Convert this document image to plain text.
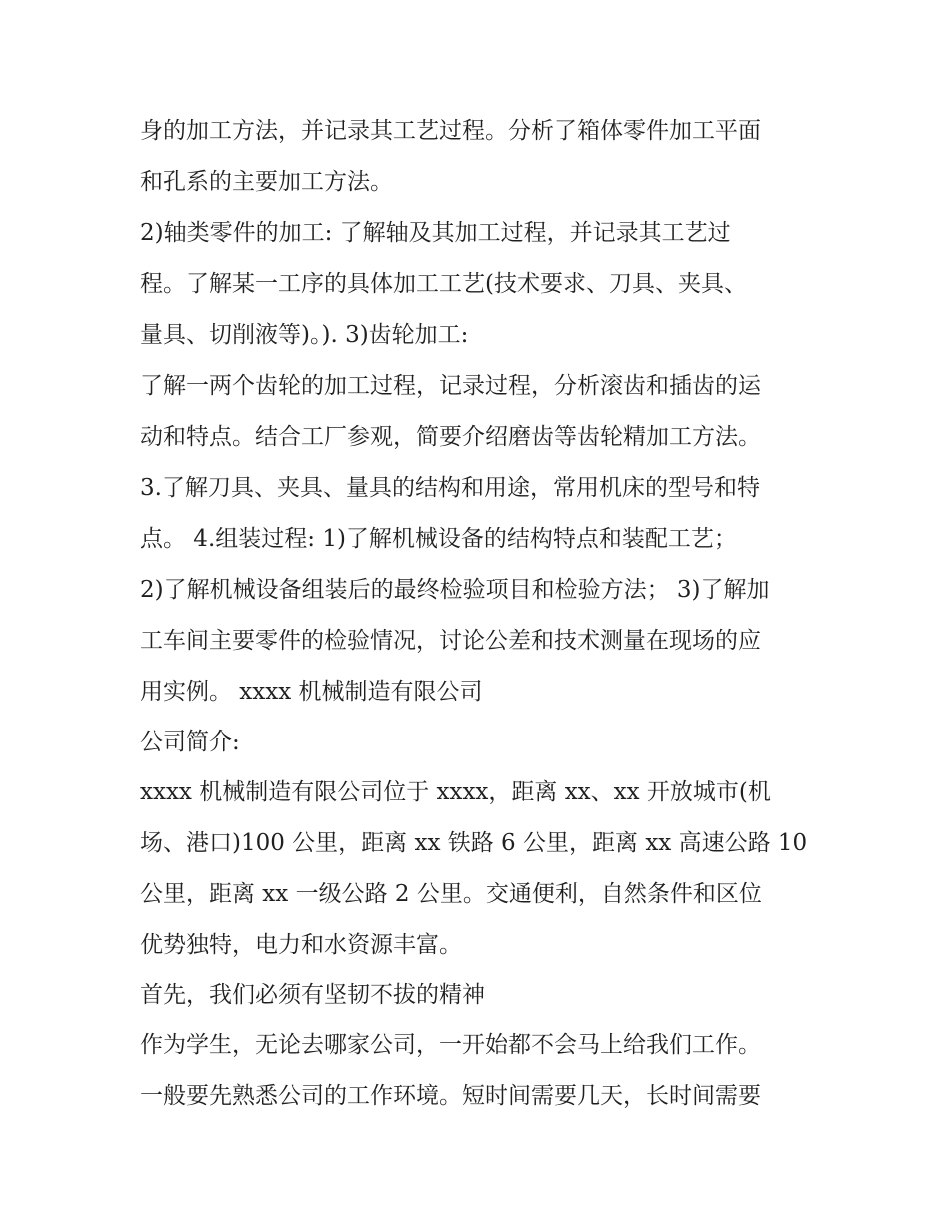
身的加工方法，并记录其工艺过程。分析了箱体零件加工平面
和孔系的主要加工方法。
2)轴类零件的加工: 了解轴及其加工过程，并记录其工艺过
程。了解某一工序的具体加工工艺(技术要求、刀具、夹具、
量具、切削液等)。). 3)齿轮加工:
了解一两个齿轮的加工过程，记录过程，分析滚齿和插齿的运
动和特点。结合工厂参观，简要介绍磨齿等齿轮精加工方法。
3.了解刀具、夹具、量具的结构和用途，常用机床的型号和特
点。 4.组装过程: 1)了解机械设备的结构特点和装配工艺；
2)了解机械设备组装后的最终检验项目和检验方法； 3)了解加
工车间主要零件的检验情况，讨论公差和技术测量在现场的应
用实例。 xxxx 机械制造有限公司
公司简介:
xxxx 机械制造有限公司位于 xxxx，距离 xx、xx 开放城市(机
场、港口)100 公里，距离 xx 铁路 6 公里，距离 xx 高速公路 10
公里，距离 xx 一级公路 2 公里。交通便利，自然条件和区位
优势独特，电力和水资源丰富。
首先，我们必须有坚韧不拔的精神
作为学生，无论去哪家公司，一开始都不会马上给我们工作。
一般要先熟悉公司的工作环境。短时间需要几天，长时间需要
